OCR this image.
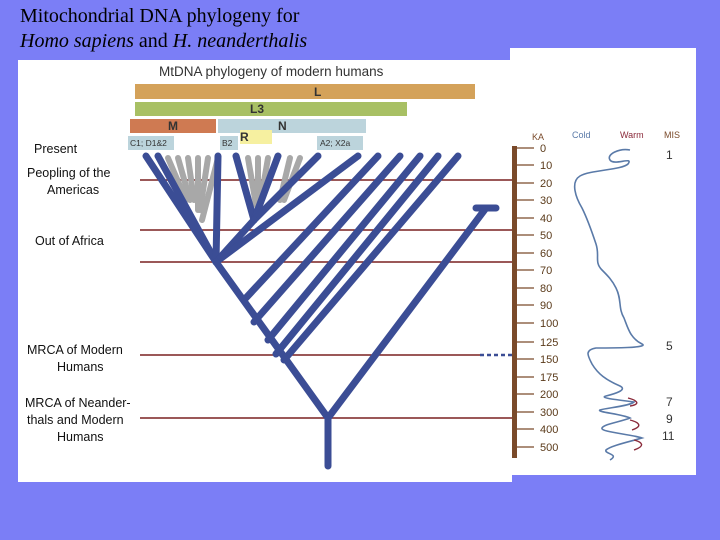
Mitochondrial DNA phylogeny for
Homo sapiens and H. neanderthalis
KA	Cold	Warm MIS
0
10
20
30
40
50
60
70
80
90
100
125
150
175
200
300
400
500
1
5
7
9
11
MtDNA phylogeny of modern humans
L
L3
M	N
R
C1; D1&2	B2	A2; X2a
Present
Peopling of the
Americas
Out of Africa
MRCA of Modern
Humans
MRCA of Neander-
thals and Modern
Humans
